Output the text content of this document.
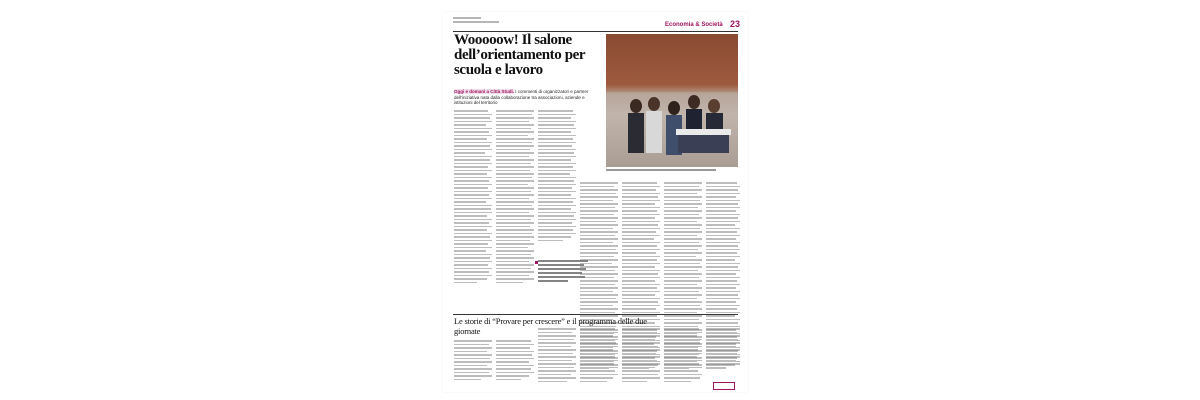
Economia & Società 23
Wooooow! Il salone dell’orientamento per scuola e lavoro
Oggi e domani a Città Studi. I commenti di organizzatori e partner dell’iniziativa nata dalla collaborazione tra associazioni, aziende e istituzioni del territorio
Le storie di “Provare per crescere” e il programma delle due giornate
